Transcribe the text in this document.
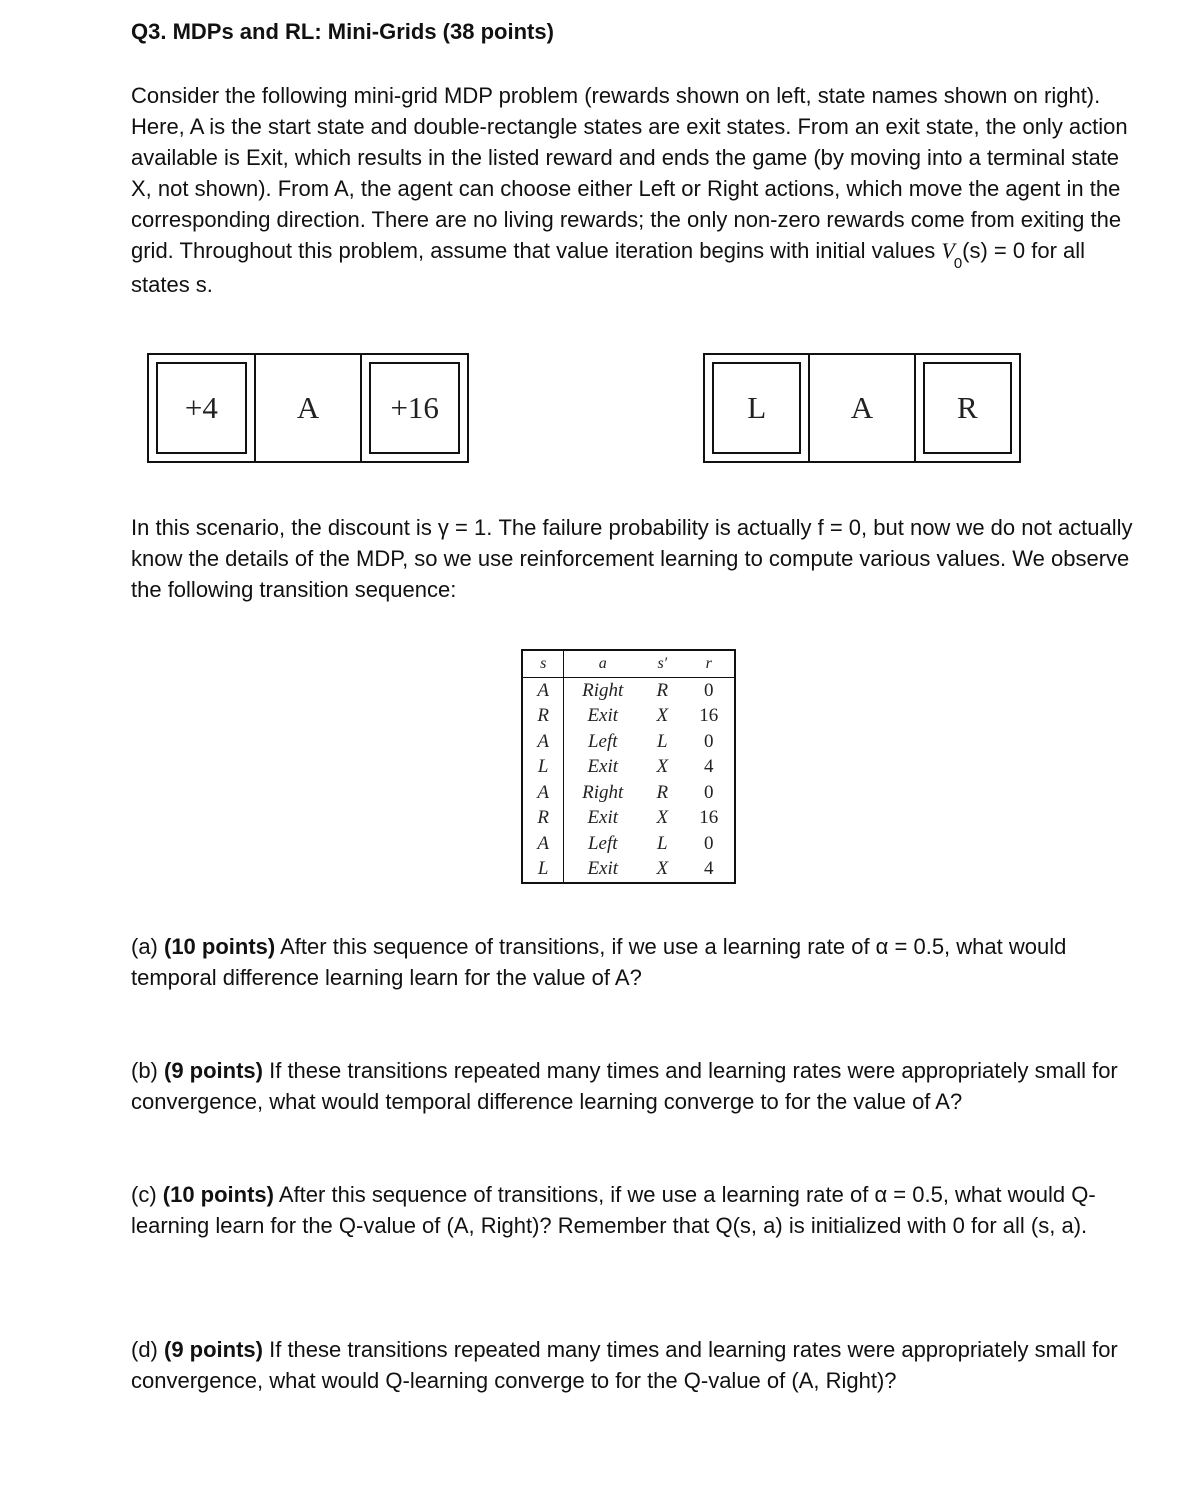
Q3. MDPs and RL: Mini-Grids (38 points)
Consider the following mini-grid MDP problem (rewards shown on left, state names shown on right). Here, A is the start state and double-rectangle states are exit states. From an exit state, the only action available is Exit, which results in the listed reward and ends the game (by moving into a terminal state X, not shown). From A, the agent can choose either Left or Right actions, which move the agent in the corresponding direction. There are no living rewards; the only non-zero rewards come from exiting the grid. Throughout this problem, assume that value iteration begins with initial values $V_0(s) = 0$ for all states s.
+4	A +16	L	A	R
In this scenario, the discount is γ = 1. The failure probability is actually f = 0, but now we do not actually know the details of the MDP, so we use reinforcement learning to compute various values. We observe the following transition sequence:
s	a	s′	r
A	Right	R	0
R	Exit	X	16
A	Left	L	0
L	Exit	X	4
A	Right	R	0
R	Exit	X	16
A	Left	L	0
L	Exit	X	4
(a) (10 points) After this sequence of transitions, if we use a learning rate of α = 0.5, what would temporal difference learning learn for the value of A?
(b) (9 points) If these transitions repeated many times and learning rates were appropriately small for convergence, what would temporal difference learning converge to for the value of A?
(c) (10 points) After this sequence of transitions, if we use a learning rate of α = 0.5, what would Q-learning learn for the Q-value of (A, Right)? Remember that Q(s, a) is initialized with 0 for all (s, a).
(d) (9 points) If these transitions repeated many times and learning rates were appropriately small for convergence, what would Q-learning converge to for the Q-value of (A, Right)?
